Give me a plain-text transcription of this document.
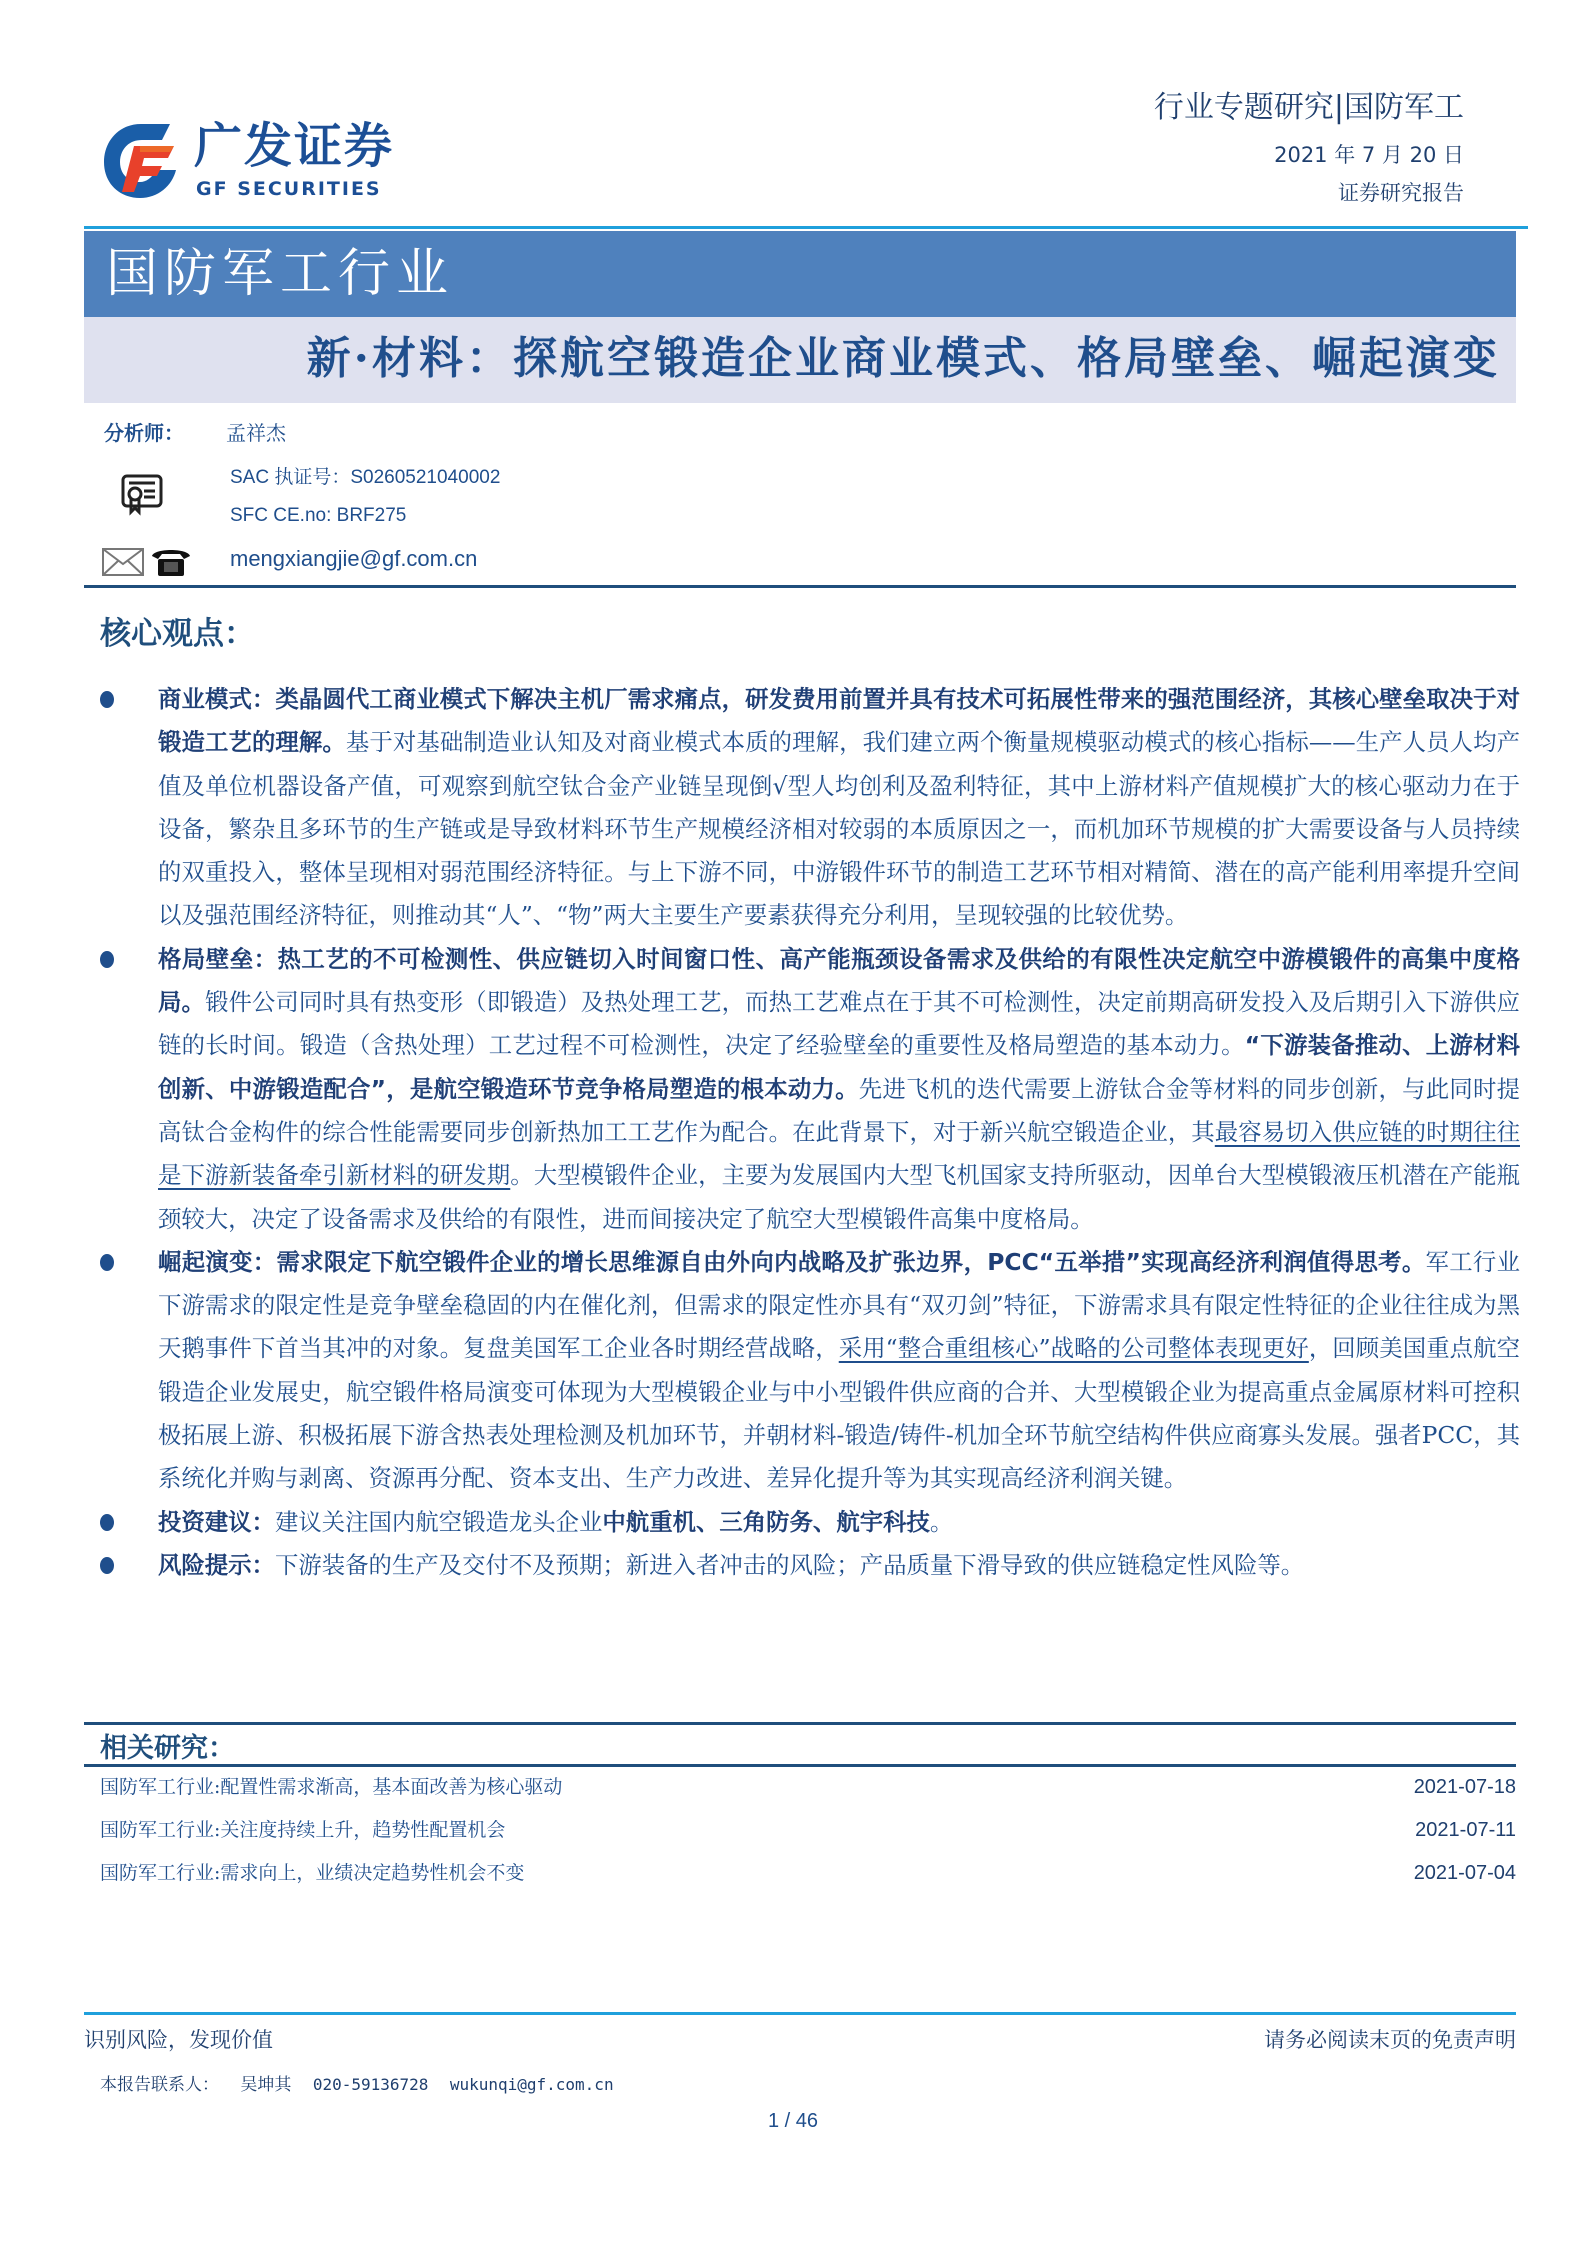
广发证券
GF SECURITIES
行业专题研究|国防军工
2021 年 7 月 20 日
证券研究报告
国防军工行业
新·材料：探航空锻造企业商业模式、格局壁垒、崛起演变
分析师： 孟祥杰
SAC 执证号：S0260521040002
SFC CE.no: BRF275
mengxiangjie@gf.com.cn
核心观点：
商业模式：类晶圆代工商业模式下解决主机厂需求痛点，研发费用前置并具有技术可拓展性带来的强范围经济，其核心壁垒取决于对锻造工艺的理解。基于对基础制造业认知及对商业模式本质的理解，我们建立两个衡量规模驱动模式的核心指标——生产人员人均产值及单位机器设备产值，可观察到航空钛合金产业链呈现倒√型人均创利及盈利特征，其中上游材料产值规模扩大的核心驱动力在于设备，繁杂且多环节的生产链或是导致材料环节生产规模经济相对较弱的本质原因之一，而机加环节规模的扩大需要设备与人员持续的双重投入，整体呈现相对弱范围经济特征。与上下游不同，中游锻件环节的制造工艺环节相对精简、潜在的高产能利用率提升空间以及强范围经济特征，则推动其“人”、“物”两大主要生产要素获得充分利用，呈现较强的比较优势。
格局壁垒：热工艺的不可检测性、供应链切入时间窗口性、高产能瓶颈设备需求及供给的有限性决定航空中游模锻件的高集中度格局。锻件公司同时具有热变形（即锻造）及热处理工艺，而热工艺难点在于其不可检测性，决定前期高研发投入及后期引入下游供应链的长时间。锻造（含热处理）工艺过程不可检测性，决定了经验壁垒的重要性及格局塑造的基本动力。“下游装备推动、上游材料创新、中游锻造配合”，是航空锻造环节竞争格局塑造的根本动力。先进飞机的迭代需要上游钛合金等材料的同步创新，与此同时提高钛合金构件的综合性能需要同步创新热加工工艺作为配合。在此背景下，对于新兴航空锻造企业，其最容易切入供应链的时期往往是下游新装备牵引新材料的研发期。大型模锻件企业，主要为发展国内大型飞机国家支持所驱动，因单台大型模锻液压机潜在产能瓶颈较大，决定了设备需求及供给的有限性，进而间接决定了航空大型模锻件高集中度格局。
崛起演变：需求限定下航空锻件企业的增长思维源自由外向内战略及扩张边界，PCC“五举措”实现高经济利润值得思考。军工行业下游需求的限定性是竞争壁垒稳固的内在催化剂，但需求的限定性亦具有“双刃剑”特征，下游需求具有限定性特征的企业往往成为黑天鹅事件下首当其冲的对象。复盘美国军工企业各时期经营战略，采用“整合重组核心”战略的公司整体表现更好，回顾美国重点航空锻造企业发展史，航空锻件格局演变可体现为大型模锻企业与中小型锻件供应商的合并、大型模锻企业为提高重点金属原材料可控积极拓展上游、积极拓展下游含热表处理检测及机加环节，并朝材料-锻造/铸件-机加全环节航空结构件供应商寡头发展。强者PCC，其系统化并购与剥离、资源再分配、资本支出、生产力改进、差异化提升等为其实现高经济利润关键。
投资建议：建议关注国内航空锻造龙头企业中航重机、三角防务、航宇科技。
风险提示：下游装备的生产及交付不及预期；新进入者冲击的风险；产品质量下滑导致的供应链稳定性风险等。
相关研究：
国防军工行业:配置性需求渐高，基本面改善为核心驱动	2021-07-18
国防军工行业:关注度持续上升，趋势性配置机会	2021-07-11
国防军工行业:需求向上，业绩决定趋势性机会不变	2021-07-04
识别风险，发现价值	请务必阅读末页的免责声明
本报告联系人： 吴坤其 020-59136728 wukunqi@gf.com.cn
1 / 46
